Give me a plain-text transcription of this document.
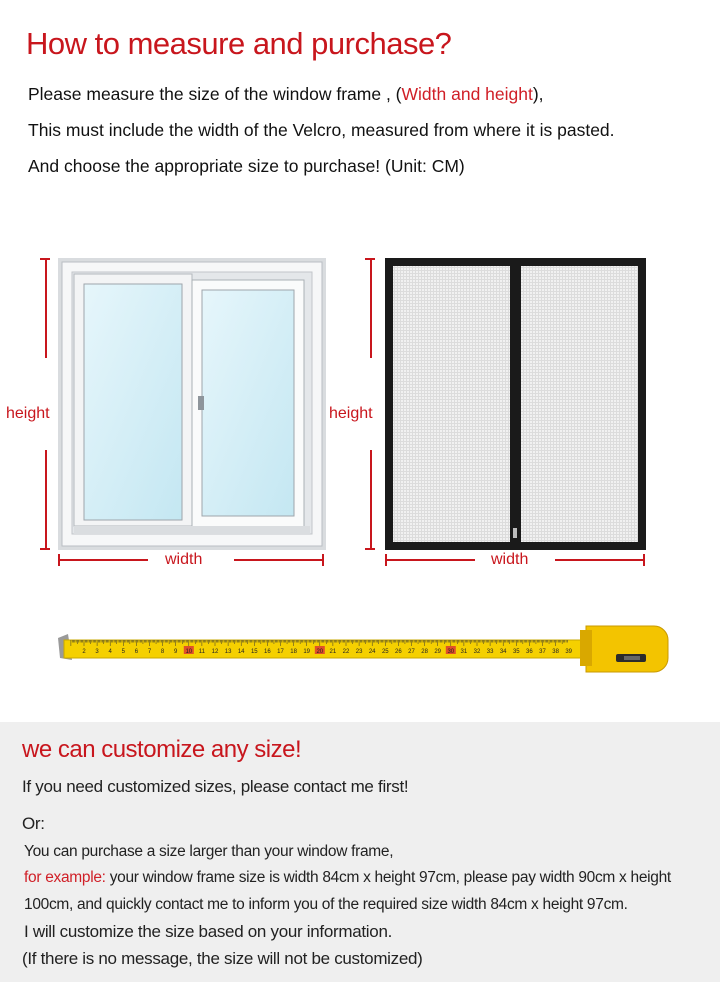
How to measure and purchase?
Please measure the size of the window frame , (Width and height),
This must include the width of the Velcro, measured from where it is pasted.
And choose the appropriate size to purchase! (Unit: CM)
height
width
height
width
2 3 4 5 6 7 8 9 10 11 12 13 14 15 16 17 18 19 20 21 22 23 24 25 26 27 28 29 30 31 32 33 34 35 36 37 38 39
we can customize any size!
If you need customized sizes, please contact me first!
Or:
You can purchase a size larger than your window frame,
for example: your window frame size is width 84cm x height 97cm, please pay width 90cm x height
100cm, and quickly contact me to inform you of the required size width 84cm x height 97cm.
I will customize the size based on your information.
(If there is no message, the size will not be customized)
